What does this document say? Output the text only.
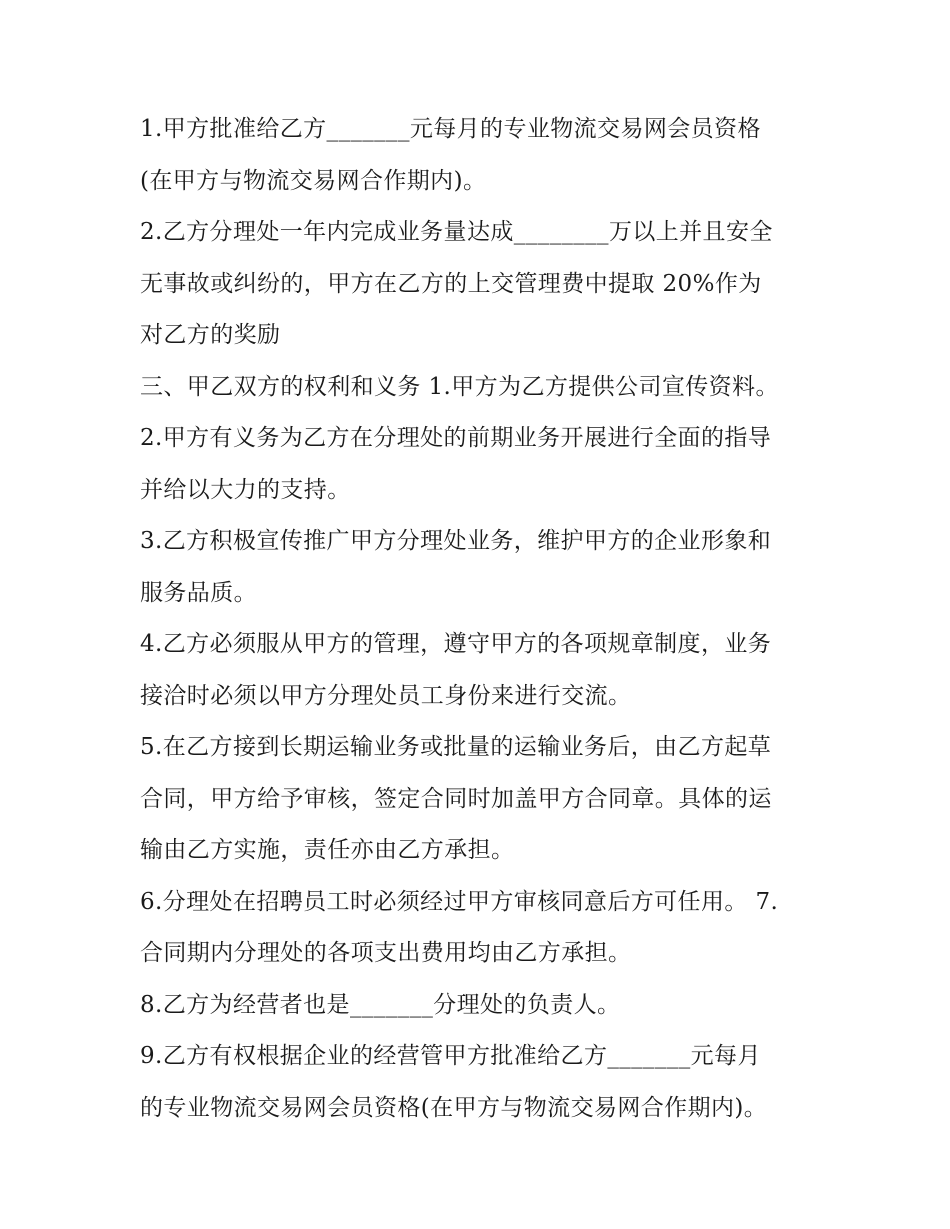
1.甲方批准给乙方_______元每月的专业物流交易网会员资格
(在甲方与物流交易网合作期内)。
2.乙方分理处一年内完成业务量达成________万以上并且安全
无事故或纠纷的，甲方在乙方的上交管理费中提取 20%作为
对乙方的奖励
三、甲乙双方的权利和义务 1.甲方为乙方提供公司宣传资料。
2.甲方有义务为乙方在分理处的前期业务开展进行全面的指导
并给以大力的支持。
3.乙方积极宣传推广甲方分理处业务，维护甲方的企业形象和
服务品质。
4.乙方必须服从甲方的管理，遵守甲方的各项规章制度，业务
接洽时必须以甲方分理处员工身份来进行交流。
5.在乙方接到长期运输业务或批量的运输业务后，由乙方起草
合同，甲方给予审核，签定合同时加盖甲方合同章。具体的运
输由乙方实施，责任亦由乙方承担。
6.分理处在招聘员工时必须经过甲方审核同意后方可任用。 7.
合同期内分理处的各项支出费用均由乙方承担。
8.乙方为经营者也是_______分理处的负责人。
9.乙方有权根据企业的经营管甲方批准给乙方_______元每月
的专业物流交易网会员资格(在甲方与物流交易网合作期内)。
